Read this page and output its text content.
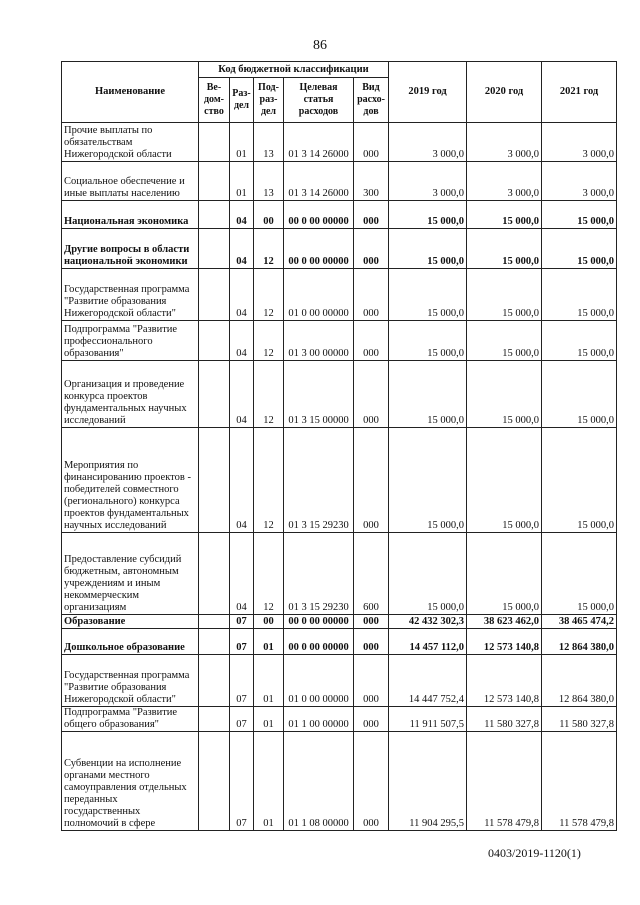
86
Наименование	Код бюджетной классификации					2019 год	2020 год	2021 год
	Ве-дом-ство	Раз-дел	Под-раз-дел	Целевая статья расходов	Вид расхо-дов			
Прочие выплаты по обязательствам Нижегородской области		01	13	01 3 14 26000	000	3 000,0	3 000,0	3 000,0
Социальное обеспечение и иные выплаты населению		01	13	01 3 14 26000	300	3 000,0	3 000,0	3 000,0
Национальная экономика		04	00	00 0 00 00000	000	15 000,0	15 000,0	15 000,0
Другие вопросы в области национальной экономики		04	12	00 0 00 00000	000	15 000,0	15 000,0	15 000,0
Государственная программа "Развитие образования Нижегородской области"		04	12	01 0 00 00000	000	15 000,0	15 000,0	15 000,0
Подпрограмма "Развитие профессионального образования"		04	12	01 3 00 00000	000	15 000,0	15 000,0	15 000,0
Организация и проведение конкурса проектов фундаментальных научных исследований		04	12	01 3 15 00000	000	15 000,0	15 000,0	15 000,0
Мероприятия по финансированию проектов - победителей совместного (регионального) конкурса проектов фундаментальных научных исследований		04	12	01 3 15 29230	000	15 000,0	15 000,0	15 000,0
Предоставление субсидий бюджетным, автономным учреждениям и иным некоммерческим организациям		04	12	01 3 15 29230	600	15 000,0	15 000,0	15 000,0
Образование		07	00	00 0 00 00000	000	42 432 302,3	38 623 462,0	38 465 474,2
Дошкольное образование		07	01	00 0 00 00000	000	14 457 112,0	12 573 140,8	12 864 380,0
Государственная программа "Развитие образования Нижегородской области"		07	01	01 0 00 00000	000	14 447 752,4	12 573 140,8	12 864 380,0
Подпрограмма "Развитие общего образования"		07	01	01 1 00 00000	000	11 911 507,5	11 580 327,8	11 580 327,8
Субвенции на исполнение органами местного самоуправления отдельных переданных государственных полномочий в сфере		07	01	01 1 08 00000	000	11 904 295,5	11 578 479,8	11 578 479,8
0403/2019-1120(1)
